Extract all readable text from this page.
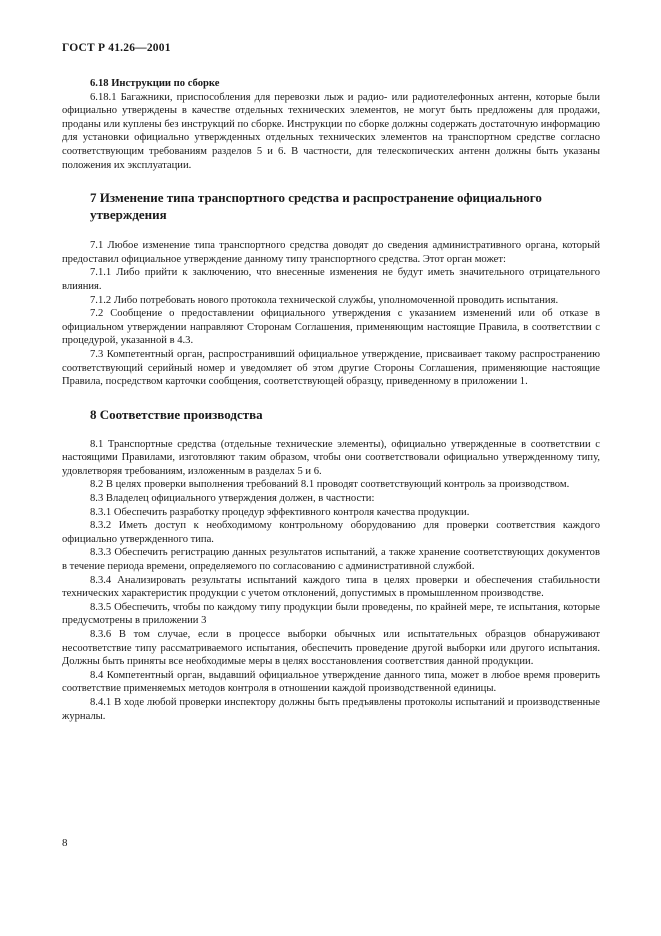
ГОСТ Р 41.26—2001
6.18 Инструкции по сборке

6.18.1 Багажники, приспособления для перевозки лыж и радио- или радиотелефонных антенн, которые были официально утверждены в качестве отдельных технических элементов, не могут быть предложены для продажи, проданы или куплены без инструкций по сборке. Инструкции по сборке должны содержать достаточную информацию для установки официально утвержденных отдельных технических элементов на транспортном средстве согласно соответствующим требованиям разделов 5 и 6. В частности, для телескопических антенн должны быть указаны положения их эксплуатации.

7 Изменение типа транспортного средства и распространение официального утверждения

7.1 Любое изменение типа транспортного средства доводят до сведения административного органа, который предоставил официальное утверждение данному типу транспортного средства. Этот орган может:

7.1.1 Либо прийти к заключению, что внесенные изменения не будут иметь значительного отрицательного влияния.

7.1.2 Либо потребовать нового протокола технической службы, уполномоченной проводить испытания.

7.2 Сообщение о предоставлении официального утверждения с указанием изменений или об отказе в официальном утверждении направляют Сторонам Соглашения, применяющим настоящие Правила, в соответствии с процедурой, указанной в 4.3.

7.3 Компетентный орган, распространивший официальное утверждение, присваивает такому распространению соответствующий серийный номер и уведомляет об этом другие Стороны Соглашения, применяющие настоящие Правила, посредством карточки сообщения, соответствующей образцу, приведенному в приложении 1.

8 Соответствие производства

8.1 Транспортные средства (отдельные технические элементы), официально утвержденные в соответствии с настоящими Правилами, изготовляют таким образом, чтобы они соответствовали официально утвержденному типу, удовлетворяя требованиям, изложенным в разделах 5 и 6.

8.2 В целях проверки выполнения требований 8.1 проводят соответствующий контроль за производством.

8.3 Владелец официального утверждения должен, в частности:

8.3.1 Обеспечить разработку процедур эффективного контроля качества продукции.

8.3.2 Иметь доступ к необходимому контрольному оборудованию для проверки соответствия каждого официально утвержденного типа.

8.3.3 Обеспечить регистрацию данных результатов испытаний, а также хранение соответствующих документов в течение периода времени, определяемого по согласованию с административной службой.

8.3.4 Анализировать результаты испытаний каждого типа в целях проверки и обеспечения стабильности технических характеристик продукции с учетом отклонений, допустимых в промышленном производстве.

8.3.5 Обеспечить, чтобы по каждому типу продукции были проведены, по крайней мере, те испытания, которые предусмотрены в приложении 3

8.3.6 В том случае, если в процессе выборки обычных или испытательных образцов обнаруживают несоответствие типу рассматриваемого испытания, обеспечить проведение другой выборки или другого испытания. Должны быть приняты все необходимые меры в целях восстановления соответствия данной продукции.

8.4 Компетентный орган, выдавший официальное утверждение данного типа, может в любое время проверить соответствие применяемых методов контроля в отношении каждой производственной единицы.

8.4.1 В ходе любой проверки инспектору должны быть предъявлены протоколы испытаний и производственные журналы.

8
